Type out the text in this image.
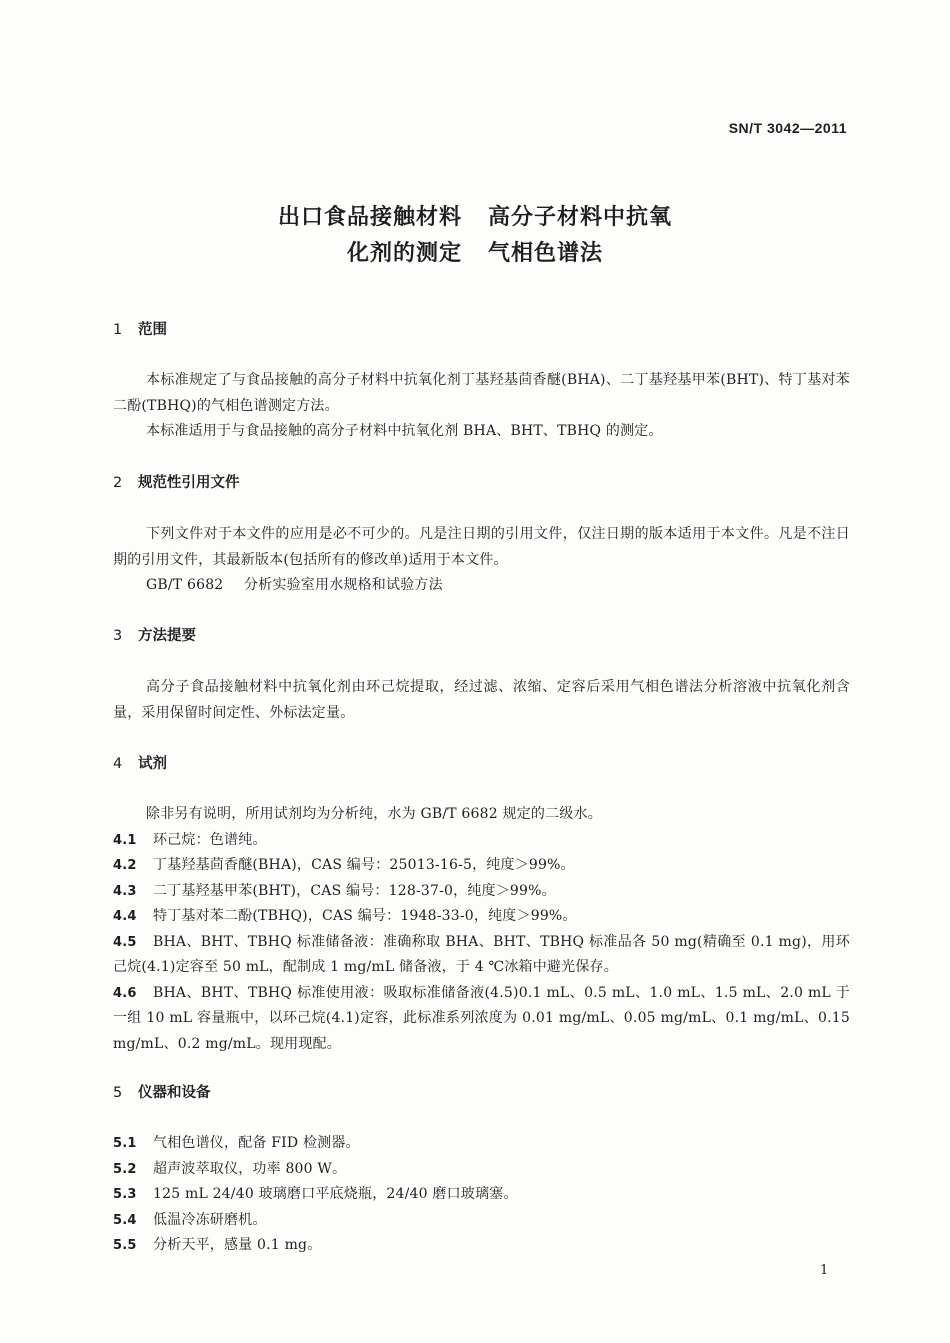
SN/T 3042—2011
出口食品接触材料 高分子材料中抗氧
化剂的测定 气相色谱法
1 范围
本标准规定了与食品接触的高分子材料中抗氧化剂丁基羟基茴香醚(BHA)、二丁基羟基甲苯(BHT)、特丁基对苯二酚(TBHQ)的气相色谱测定方法。
本标准适用于与食品接触的高分子材料中抗氧化剂 BHA、BHT、TBHQ 的测定。
2 规范性引用文件
下列文件对于本文件的应用是必不可少的。凡是注日期的引用文件，仅注日期的版本适用于本文件。凡是不注日期的引用文件，其最新版本(包括所有的修改单)适用于本文件。
GB/T 6682 分析实验室用水规格和试验方法
3 方法提要
高分子食品接触材料中抗氧化剂由环己烷提取，经过滤、浓缩、定容后采用气相色谱法分析溶液中抗氧化剂含量，采用保留时间定性、外标法定量。
4 试剂
除非另有说明，所用试剂均为分析纯，水为 GB/T 6682 规定的二级水。
4.1 环己烷：色谱纯。
4.2 丁基羟基茴香醚(BHA)，CAS 编号：25013-16-5，纯度＞99%。
4.3 二丁基羟基甲苯(BHT)，CAS 编号：128-37-0，纯度＞99%。
4.4 特丁基对苯二酚(TBHQ)，CAS 编号：1948-33-0，纯度＞99%。
4.5 BHA、BHT、TBHQ 标准储备液：准确称取 BHA、BHT、TBHQ 标准品各 50 mg(精确至 0.1 mg)，用环己烷(4.1)定容至 50 mL，配制成 1 mg/mL 储备液，于 4 ℃冰箱中避光保存。
4.6 BHA、BHT、TBHQ 标准使用液：吸取标准储备液(4.5)0.1 mL、0.5 mL、1.0 mL、1.5 mL、2.0 mL 于一组 10 mL 容量瓶中，以环己烷(4.1)定容，此标准系列浓度为 0.01 mg/mL、0.05 mg/mL、0.1 mg/mL、0.15 mg/mL、0.2 mg/mL。现用现配。
5 仪器和设备
5.1 气相色谱仪，配备 FID 检测器。
5.2 超声波萃取仪，功率 800 W。
5.3 125 mL 24/40 玻璃磨口平底烧瓶，24/40 磨口玻璃塞。
5.4 低温冷冻研磨机。
5.5 分析天平，感量 0.1 mg。
1
